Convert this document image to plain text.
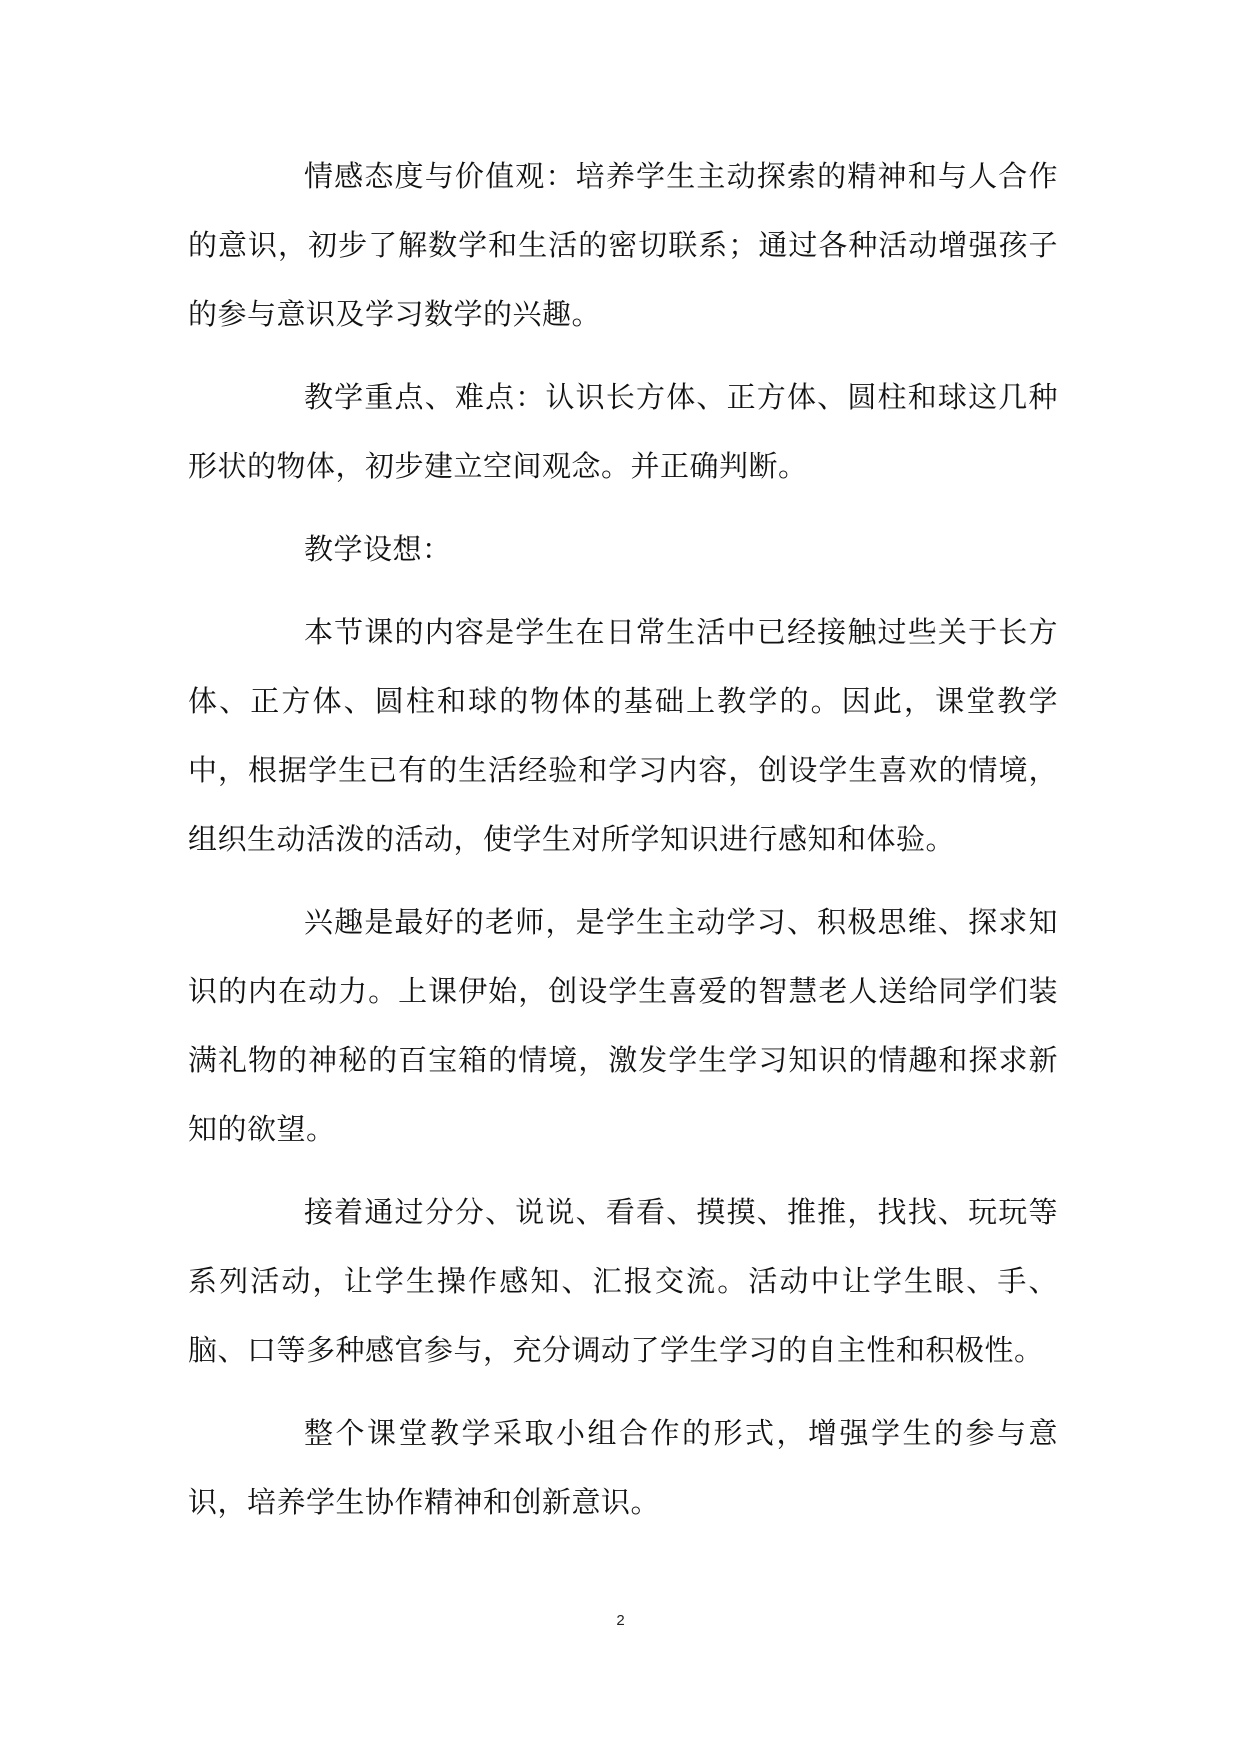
情感态度与价值观：培养学生主动探索的精神和与人合作的意识，初步了解数学和生活的密切联系；通过各种活动增强孩子的参与意识及学习数学的兴趣。

教学重点、难点：认识长方体、正方体、圆柱和球这几种形状的物体，初步建立空间观念。并正确判断。

教学设想：

本节课的内容是学生在日常生活中已经接触过些关于长方体、正方体、圆柱和球的物体的基础上教学的。因此，课堂教学中，根据学生已有的生活经验和学习内容，创设学生喜欢的情境，组织生动活泼的活动，使学生对所学知识进行感知和体验。

兴趣是最好的老师，是学生主动学习、积极思维、探求知识的内在动力。上课伊始，创设学生喜爱的智慧老人送给同学们装满礼物的神秘的百宝箱的情境，激发学生学习知识的情趣和探求新知的欲望。

接着通过分分、说说、看看、摸摸、推推，找找、玩玩等系列活动，让学生操作感知、汇报交流。活动中让学生眼、手、脑、口等多种感官参与，充分调动了学生学习的自主性和积极性。

整个课堂教学采取小组合作的形式，增强学生的参与意识，培养学生协作精神和创新意识。

2
